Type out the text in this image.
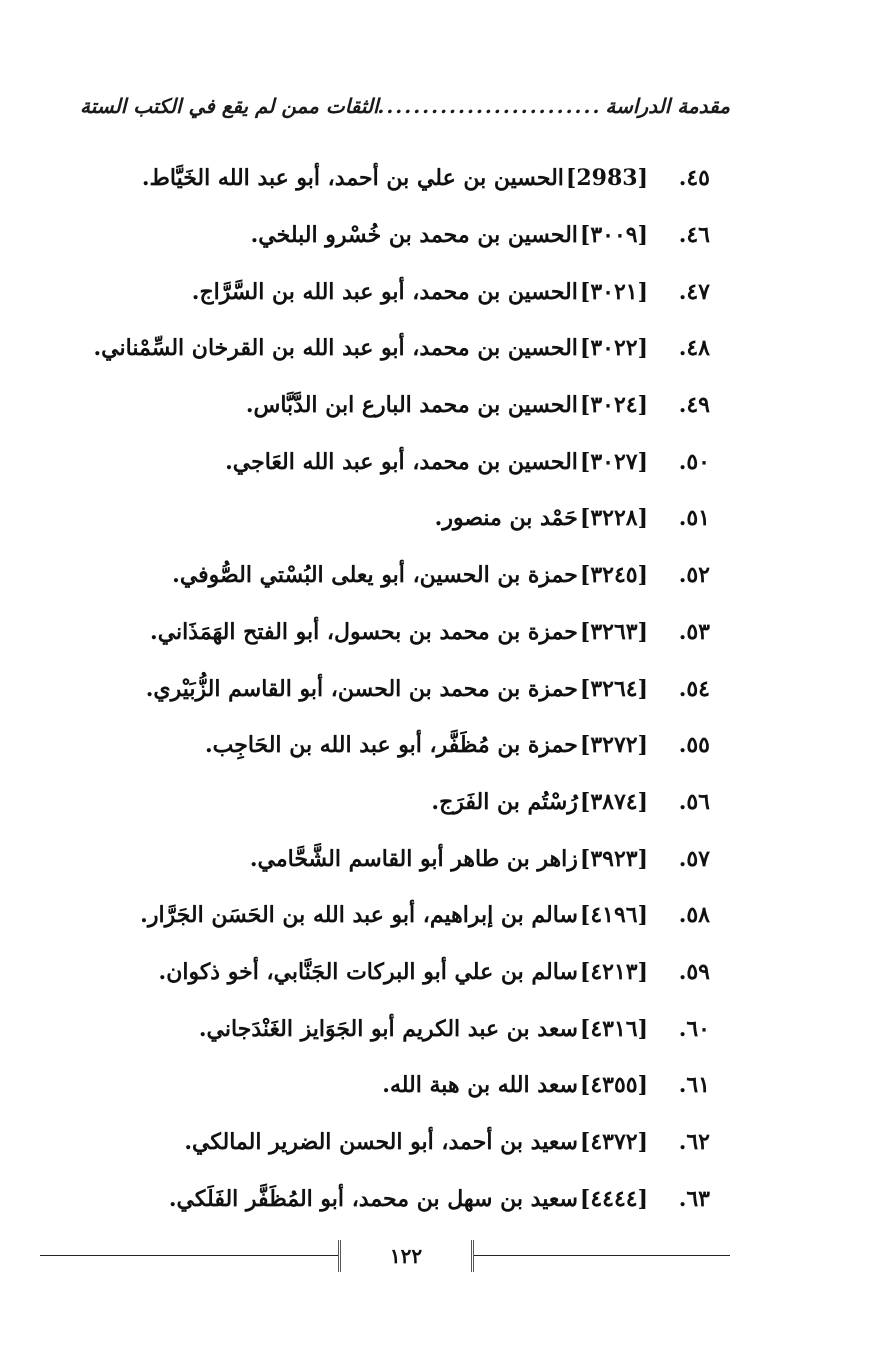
مقدمة الدراسة
.....
الثقات ممن لم يقع في الكتب الستة
٤٥.
[ 2983 ]
الحسين بن علي بن أحمد، أبو عبد الله الخَيَّاط.
٤٦.
[ ٣٠٠٩ ]
الحسين بن محمد بن خُسْرو البلخي.
٤٧.
[ ٣٠٢١ ]
الحسين بن محمد، أبو عبد الله بن السَّرَّاج.
٤٨.
[ ٣٠٢٢ ]
الحسين بن محمد، أبو عبد الله بن القرخان السِّمْناني.
٤٩.
[ ٣٠٢٤ ]
الحسين بن محمد البارع ابن الدَّبَّاس.
٥٠.
[ ٣٠٢٧ ]
الحسين بن محمد، أبو عبد الله العَاجي.
٥١.
[ ٣٢٢٨ ]
حَمْد بن منصور.
٥٢.
[ ٣٢٤٥ ]
حمزة بن الحسين، أبو يعلى البُسْتي الصُّوفي.
٥٣.
[ ٣٢٦٣ ]
حمزة بن محمد بن بحسول، أبو الفتح الهَمَذَاني.
٥٤.
[ ٣٢٦٤ ]
حمزة بن محمد بن الحسن، أبو القاسم الزُّبَيْري.
٥٥.
[ ٣٢٧٢ ]
حمزة بن مُظَفَّر، أبو عبد الله بن الحَاجِب.
٥٦.
[ ٣٨٧٤ ]
رُسْتُم بن الفَرَج.
٥٧.
[ ٣٩٢٣ ]
زاهر بن طاهر أبو القاسم الشَّحَّامي.
٥٨.
[ ٤١٩٦ ]
سالم بن إبراهيم، أبو عبد الله بن الحَسَن الجَرَّار.
٥٩.
[ ٤٢١٣ ]
سالم بن علي أبو البركات الجَنَّابي، أخو ذكوان.
٦٠.
[ ٤٣١٦ ]
سعد بن عبد الكريم أبو الجَوَايز الغَنْدَجاني.
٦١.
[ ٤٣٥٥ ]
سعد الله بن هبة الله.
٦٢.
[ ٤٣٧٢ ]
سعيد بن أحمد، أبو الحسن الضرير المالكي.
٦٣.
[ ٤٤٤٤ ]
سعيد بن سهل بن محمد، أبو المُظَفَّر الفَلَكي.
١٢٢
